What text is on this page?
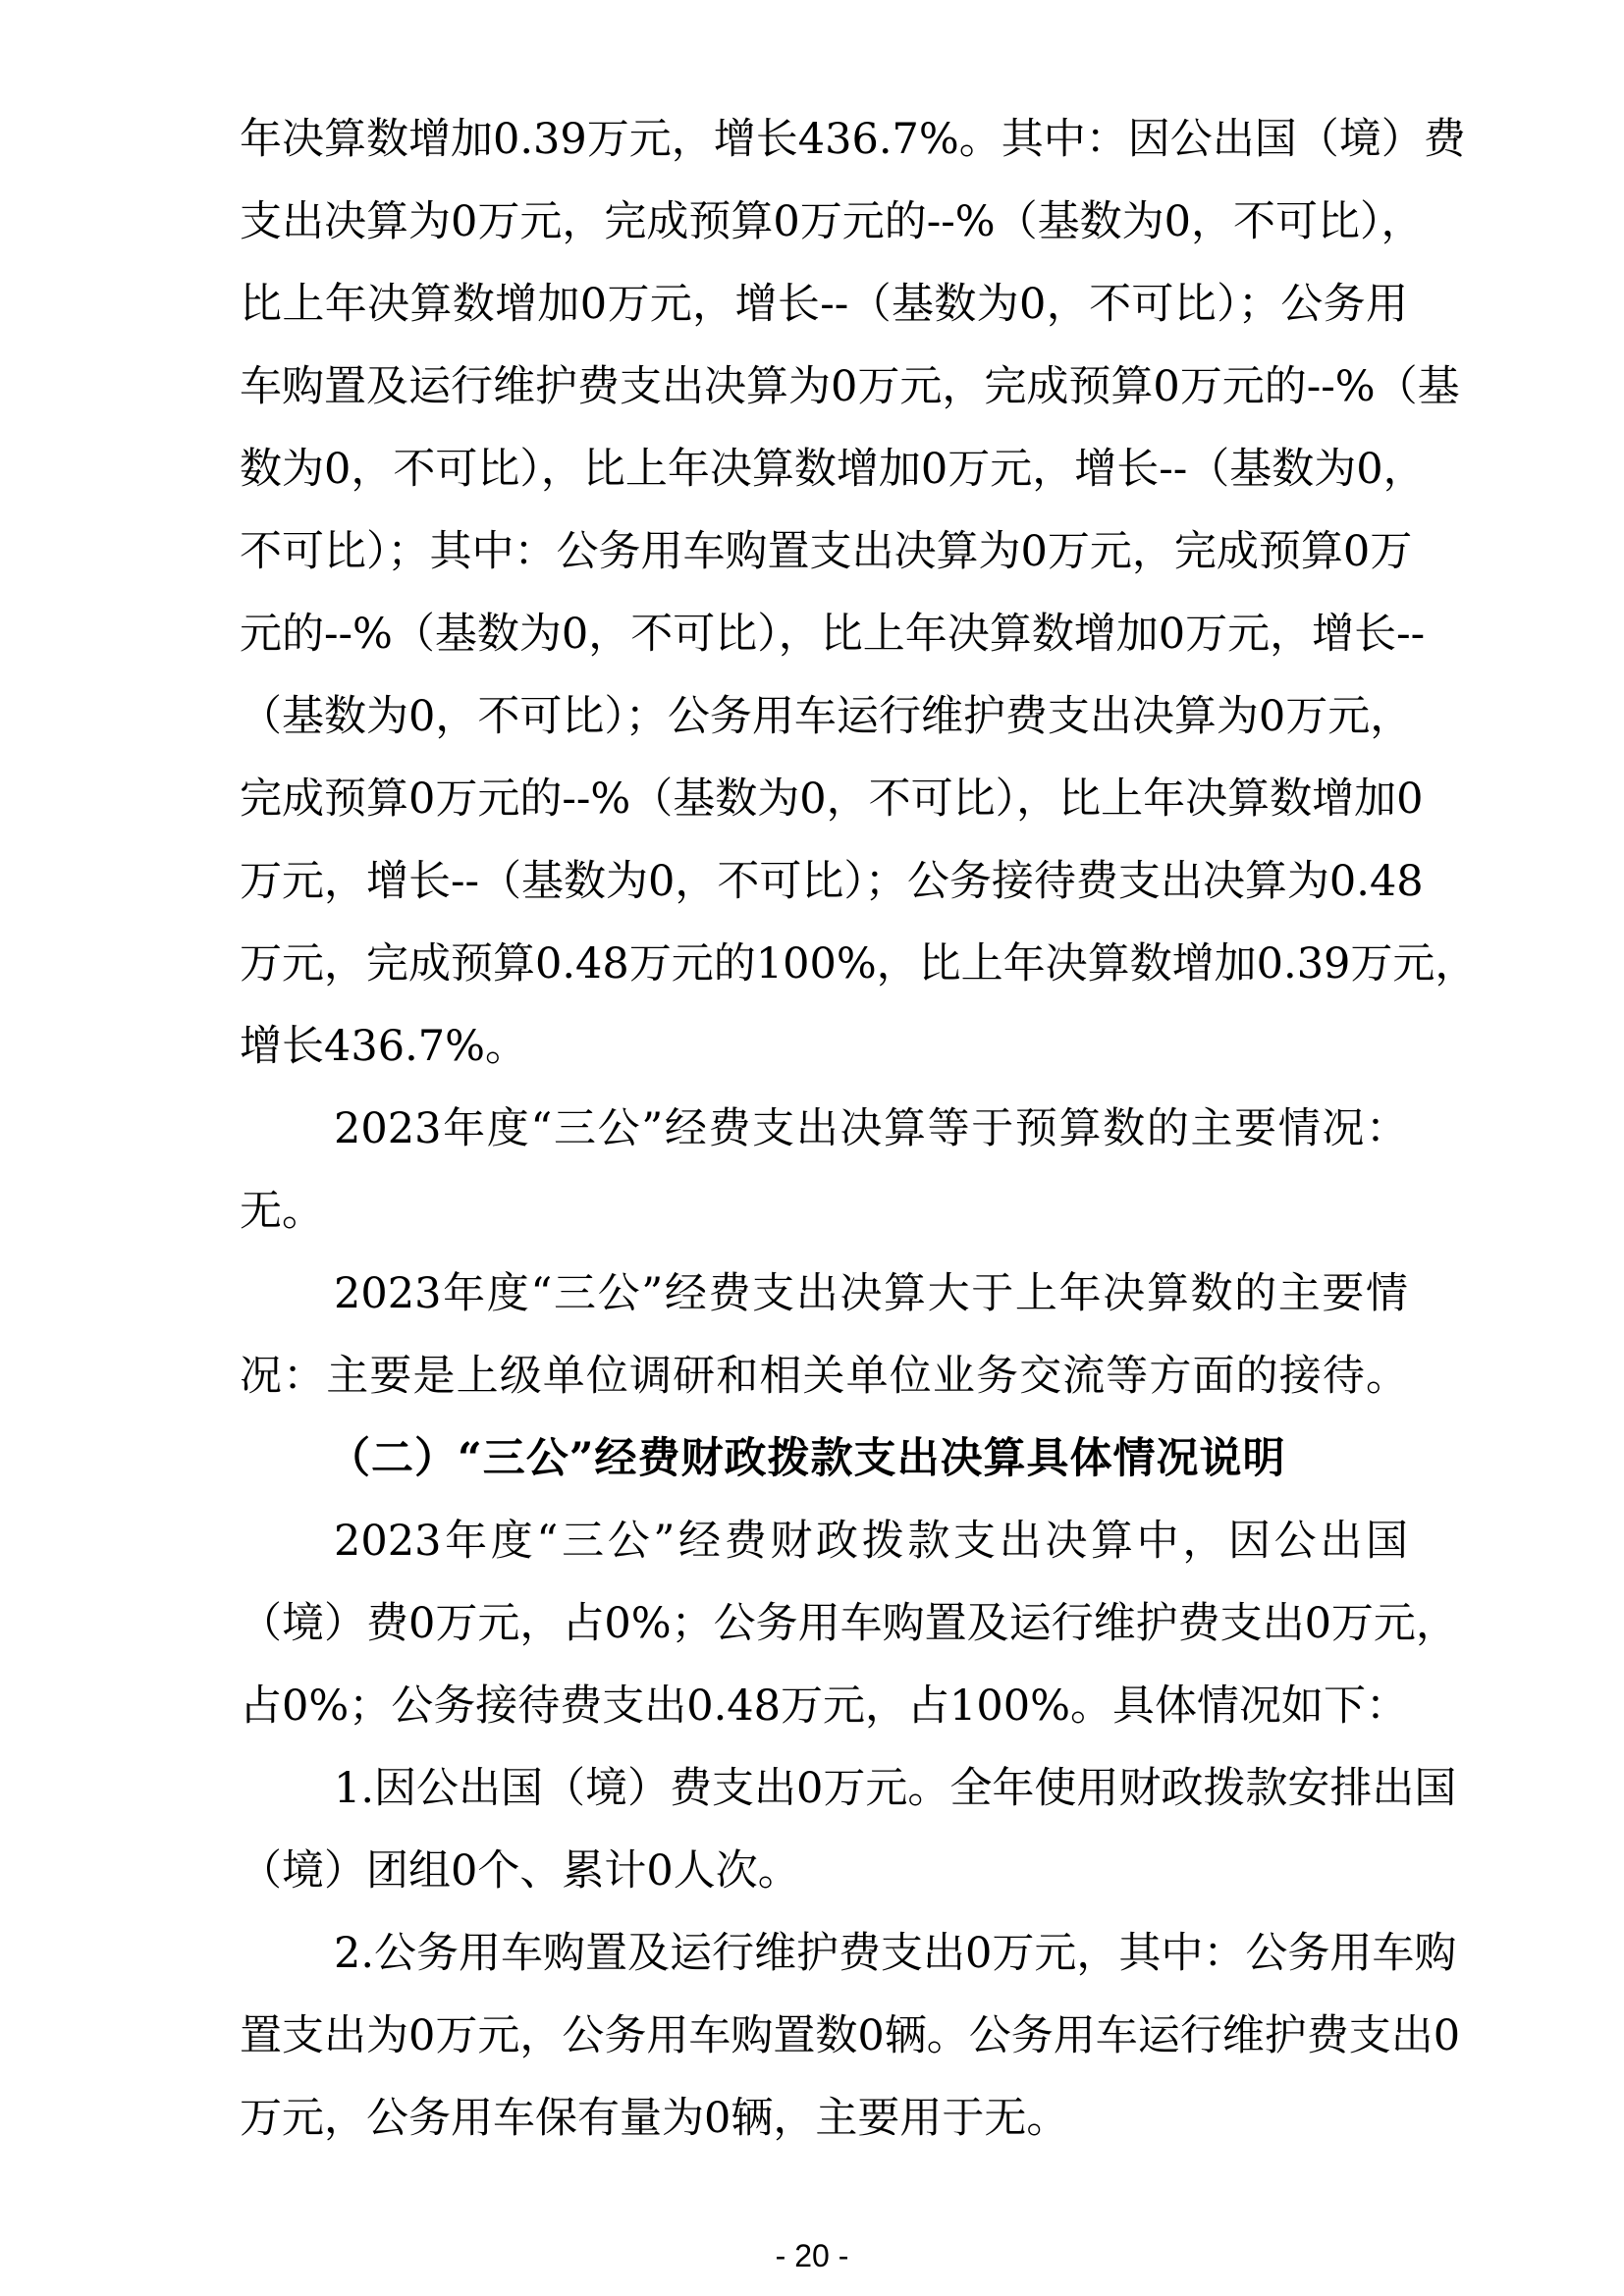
年决算数增加0.39万元，增长436.7%。其中：因公出国（境）费
支出决算为0万元，完成预算0万元的--%（基数为0，不可比），
比上年决算数增加0万元，增长--（基数为0，不可比）；公务用
车购置及运行维护费支出决算为0万元，完成预算0万元的--%（基
数为0，不可比），比上年决算数增加0万元，增长--（基数为0，
不可比）；其中：公务用车购置支出决算为0万元，完成预算0万
元的--%（基数为0，不可比），比上年决算数增加0万元，增长--
（基数为0，不可比）；公务用车运行维护费支出决算为0万元，
完成预算0万元的--%（基数为0，不可比），比上年决算数增加0
万元，增长--（基数为0，不可比）；公务接待费支出决算为0.48
万元，完成预算0.48万元的100%，比上年决算数增加0.39万元，
增长436.7%。
2023年度“三公”经费支出决算等于预算数的主要情况：
无。
2023年度“三公”经费支出决算大于上年决算数的主要情
况：主要是上级单位调研和相关单位业务交流等方面的接待。
（二）“三公”经费财政拨款支出决算具体情况说明
2023年度“三公”经费财政拨款支出决算中，因公出国
（境）费0万元，占0%；公务用车购置及运行维护费支出0万元，
占0%；公务接待费支出0.48万元，占100%。具体情况如下：
1.因公出国（境）费支出0万元。全年使用财政拨款安排出国
（境）团组0个、累计0人次。
2.公务用车购置及运行维护费支出0万元，其中：公务用车购
置支出为0万元，公务用车购置数0辆。公务用车运行维护费支出0
万元，公务用车保有量为0辆，主要用于无。
- 20 -
